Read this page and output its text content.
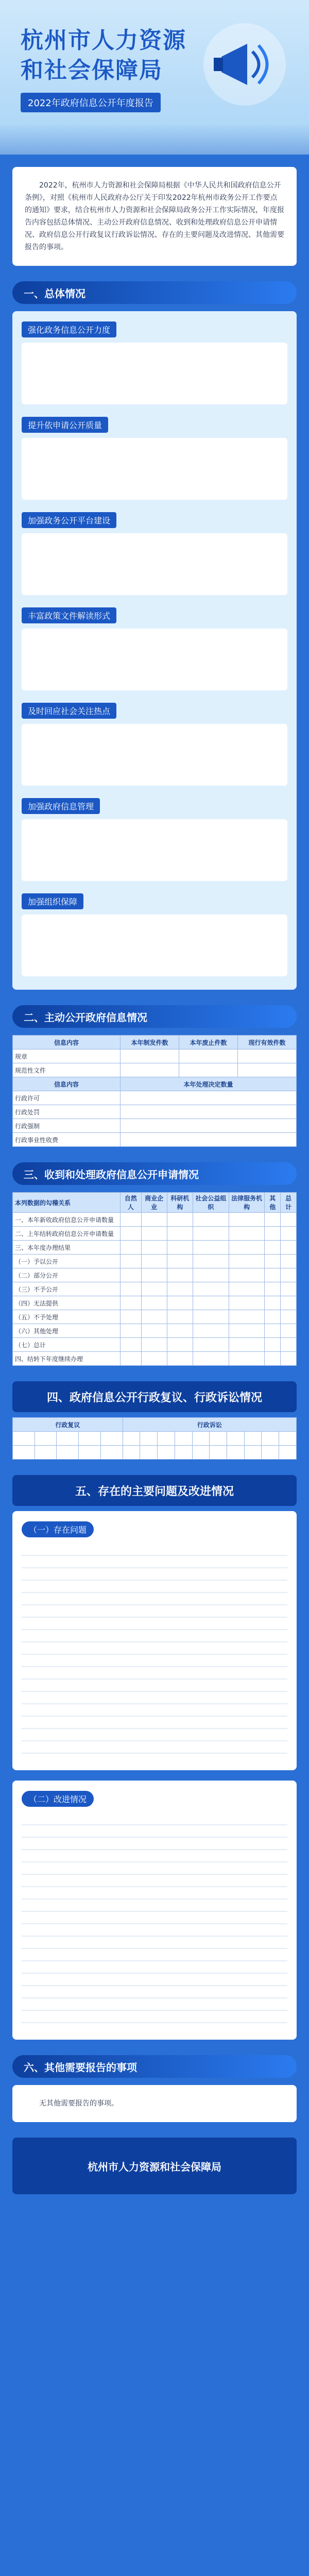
杭州市人力资源
和社会保障局
2022年政府信息公开年度报告

2022年，杭州市人力资源和社会保障局根据《中华人民共和国政府信息公开条例》，对照《杭州市人民政府办公厅关于印发2022年杭州市政务公开工作要点的通知》要求，结合杭州市人力资源和社会保障局政务公开工作实际情况，年度报告内容包括总体情况、主动公开政府信息情况、收到和处理政府信息公开申请情况、政府信息公开行政复议行政诉讼情况、存在的主要问题及改进情况、其他需要报告的事项。

一、总体情况
强化政务信息公开力度
提升依申请公开质量
加强政务公开平台建设
丰富政策文件解读形式
及时回应社会关注热点
加强政府信息管理
加强组织保障
二、主动公开政府信息情况
信息内容	本年制发件数	本年废止件数	现行有效件数
规章			
规范性文件			
信息内容	本年处理决定数量		
行政许可			
行政处罚			
行政强制			
行政事业性收费			
三、收到和处理政府信息公开申请情况
本列数据的勾稽关系	自然人	商业企业	科研机构	社会公益组织	法律服务机构	其他	总计
一、本年新收政府信息公开申请数量							
二、上年结转政府信息公开申请数量							
三、本年度办理结果							
（一）予以公开							
（二）部分公开							
（三）不予公开							
（四）无法提供							
（五）不予处理							
（六）其他处理							
（七）总计							
四、结转下年度继续办理							
四、政府信息公开行政复议、行政诉讼情况
行政复议					行政诉讼									

五、存在的主要问题及改进情况
（一）存在问题
（二）改进情况
六、其他需要报告的事项

无其他需要报告的事项。

杭州市人力资源和社会保障局
